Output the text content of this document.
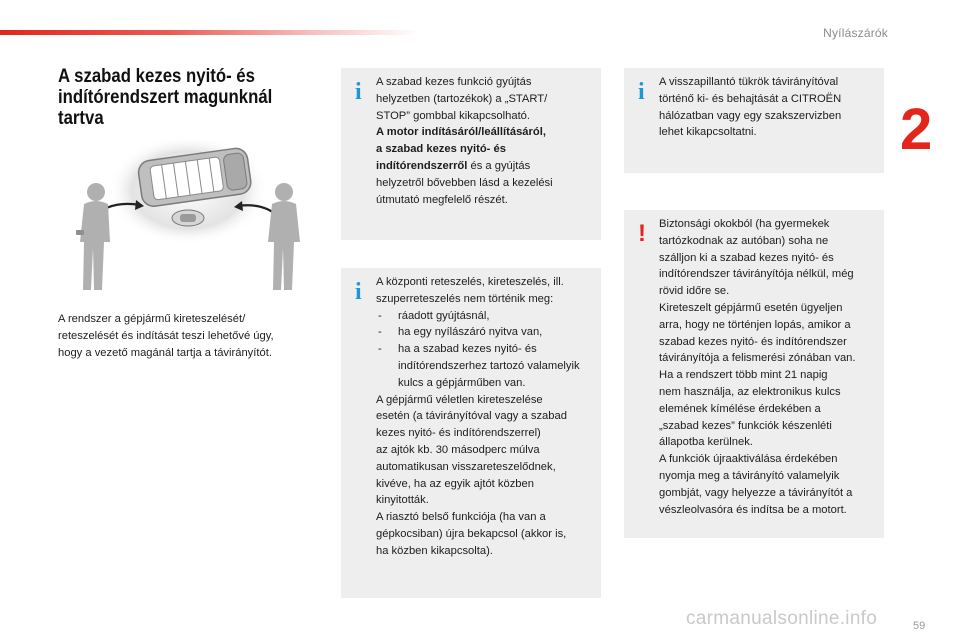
Nyílászárók
2
A szabad kezes nyitó- és
indítórendszert magunknál tartva
A rendszer a gépjármű kireteszelését/
reteszelését és indítását teszi lehetővé úgy,
hogy a vezető magánál tartja a távirányítót.
i A szabad kezes funkció gyújtás
helyzetben (tartozékok) a „START/
STOP” gombbal kikapcsolható.
A motor indításáról/leállításáról,
a szabad kezes nyitó- és
indítórendszerről és a gyújtás
helyzetről bővebben lásd a kezelési
útmutató megfelelő részét.
i A központi reteszelés, kireteszelés, ill.
szuperreteszelés nem történik meg:
- ráadott gyújtásnál,
- ha egy nyílászáró nyitva van,
- ha a szabad kezes nyitó- és indítórendszerhez tartozó valamelyik kulcs a gépjárműben van.
A gépjármű véletlen kireteszelése
esetén (a távirányítóval vagy a szabad
kezes nyitó- és indítórendszerrel)
az ajtók kb. 30 másodperc múlva
automatikusan visszareteszelődnek,
kivéve, ha az egyik ajtót közben
kinyitották.
A riasztó belső funkciója (ha van a
gépkocsiban) újra bekapcsol (akkor is,
ha közben kikapcsolta).
i A visszapillantó tükrök távirányítóval
történő ki- és behajtását a CITROËN
hálózatban vagy egy szakszervizben
lehet kikapcsoltatni.
! Biztonsági okokból (ha gyermekek
tartózkodnak az autóban) soha ne
szálljon ki a szabad kezes nyitó- és
indítórendszer távirányítója nélkül, még
rövid időre se.
Kireteszelt gépjármű esetén ügyeljen
arra, hogy ne történjen lopás, amikor a
szabad kezes nyitó- és indítórendszer
távirányítója a felismerési zónában van.
Ha a rendszert több mint 21 napig
nem használja, az elektronikus kulcs
elemének kímélése érdekében a
„szabad kezes” funkciók készenléti
állapotba kerülnek.
A funkciók újraaktiválása érdekében
nyomja meg a távirányító valamelyik
gombját, vagy helyezze a távirányítót a
vészleolvasóra és indítsa be a motort.
carmanualsonline.info	59
